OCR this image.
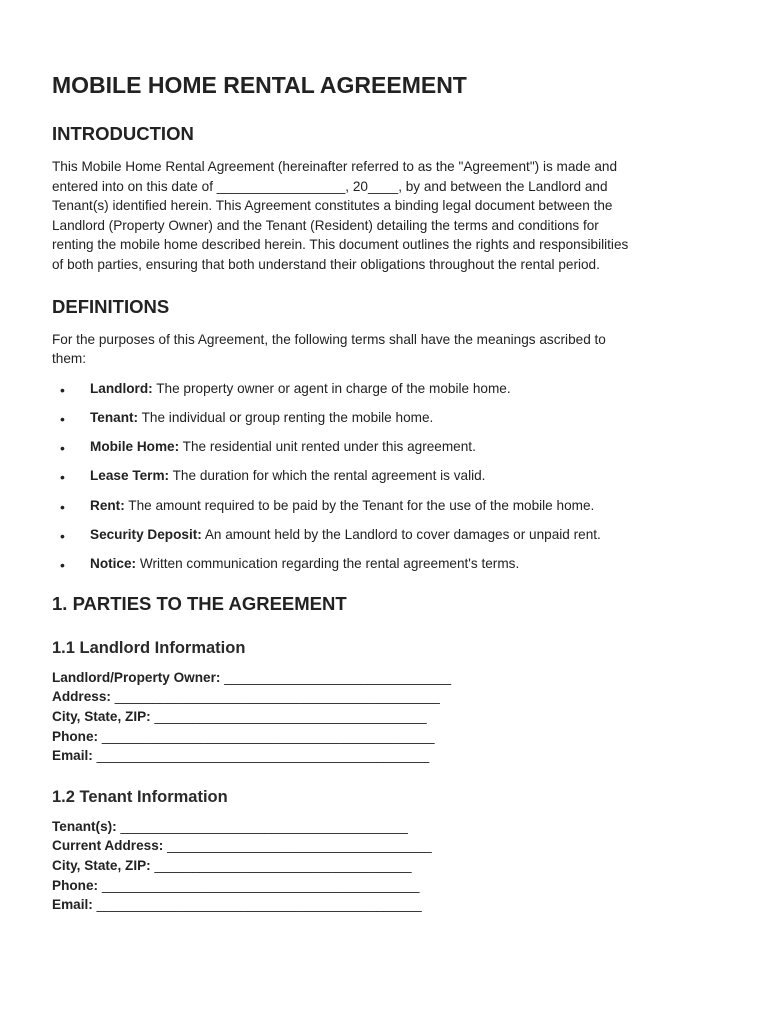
MOBILE HOME RENTAL AGREEMENT
INTRODUCTION

This Mobile Home Rental Agreement (hereinafter referred to as the "Agreement") is made and

entered into on this date of _________________, 20____, by and between the Landlord and

Tenant(s) identified herein. This Agreement constitutes a binding legal document between the

Landlord (Property Owner) and the Tenant (Resident) detailing the terms and conditions for

renting the mobile home described herein. This document outlines the rights and responsibilities

of both parties, ensuring that both understand their obligations throughout the rental period.

DEFINITIONS

For the purposes of this Agreement, the following terms shall have the meanings ascribed to

them:

• Landlord: The property owner or agent in charge of the mobile home.
• Tenant: The individual or group renting the mobile home.
• Mobile Home: The residential unit rented under this agreement.
• Lease Term: The duration for which the rental agreement is valid.
• Rent: The amount required to be paid by the Tenant for the use of the mobile home.
• Security Deposit: An amount held by the Landlord to cover damages or unpaid rent.
• Notice: Written communication regarding the rental agreement's terms.
1. PARTIES TO THE AGREEMENT
1.1 Landlord Information
Landlord/Property Owner: ______________________________
Address: ___________________________________________
City, State, ZIP: ____________________________________
Phone: ____________________________________________
Email: ____________________________________________
1.2 Tenant Information
Tenant(s): ______________________________________
Current Address: ___________________________________
City, State, ZIP: __________________________________
Phone: __________________________________________
Email: ___________________________________________
